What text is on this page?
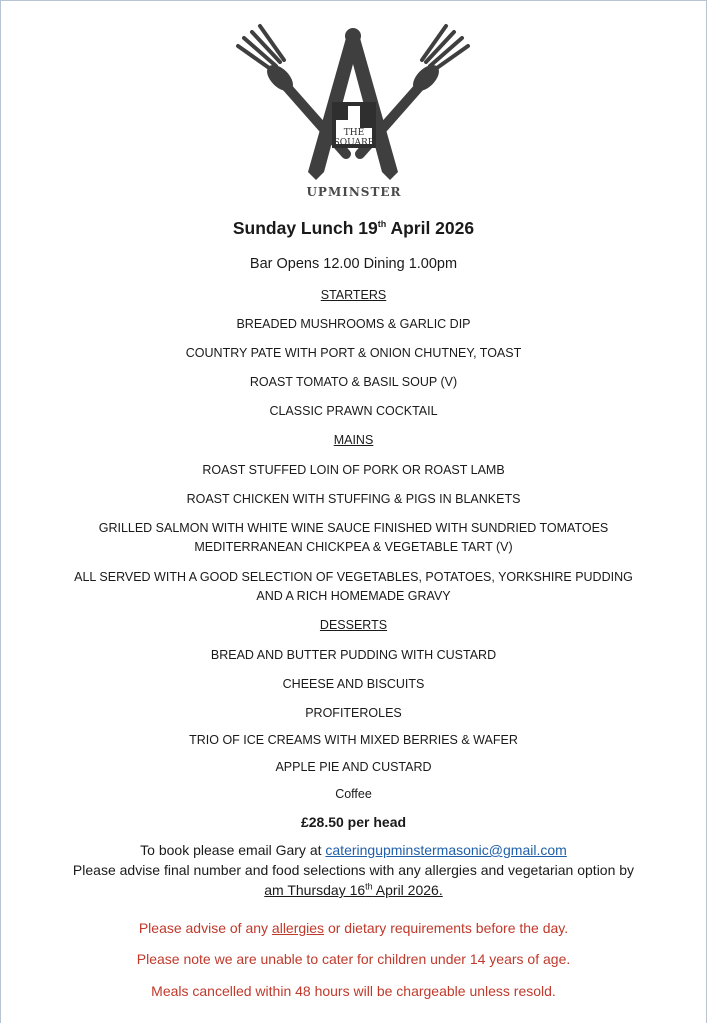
THE
SQUARE
UPMINSTER
Sunday Lunch 19th April 2026
Bar Opens 12.00 Dining 1.00pm
STARTERS
BREADED MUSHROOMS & GARLIC DIP
COUNTRY PATE WITH PORT & ONION CHUTNEY, TOAST
ROAST TOMATO & BASIL SOUP (V)
CLASSIC PRAWN COCKTAIL
MAINS
ROAST STUFFED LOIN OF PORK OR ROAST LAMB
ROAST CHICKEN WITH STUFFING & PIGS IN BLANKETS
GRILLED SALMON WITH WHITE WINE SAUCE FINISHED WITH SUNDRIED TOMATOES
MEDITERRANEAN CHICKPEA & VEGETABLE TART (V)
ALL SERVED WITH A GOOD SELECTION OF VEGETABLES, POTATOES, YORKSHIRE PUDDING
AND A RICH HOMEMADE GRAVY
DESSERTS
BREAD AND BUTTER PUDDING WITH CUSTARD
CHEESE AND BISCUITS
PROFITEROLES
TRIO OF ICE CREAMS WITH MIXED BERRIES & WAFER
APPLE PIE AND CUSTARD
Coffee
£28.50 per head
To book please email Gary at cateringupminstermasonic@gmail.com
Please advise final number and food selections with any allergies and vegetarian option by
am Thursday 16th April 2026.
Please advise of any allergies or dietary requirements before the day.
Please note we are unable to cater for children under 14 years of age.
Meals cancelled within 48 hours will be chargeable unless resold.
